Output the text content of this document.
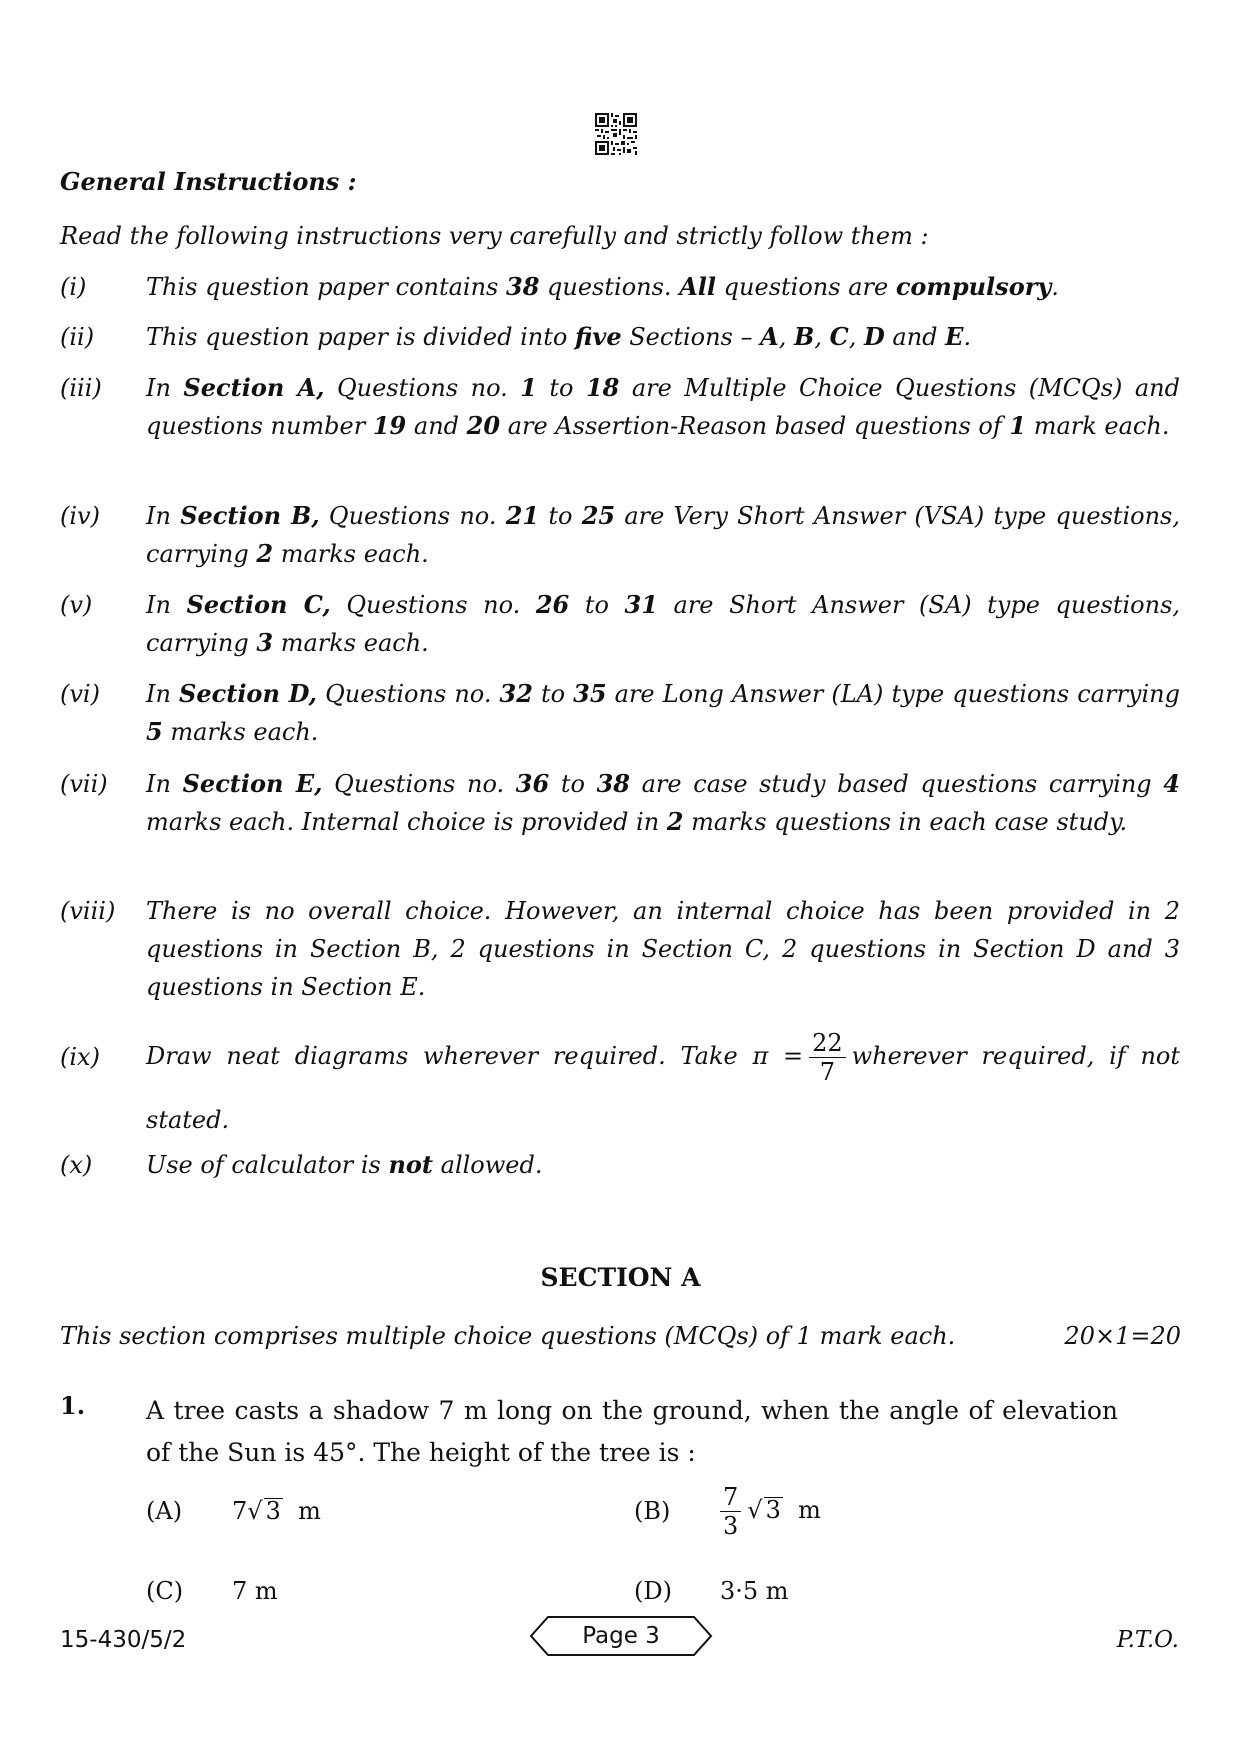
General Instructions :
Read the following instructions very carefully and strictly follow them :
(i)	This question paper contains 38 questions. All questions are compulsory.
(ii)	This question paper is divided into five Sections – A, B, C, D and E.
(iii)	In Section A, Questions no. 1 to 18 are Multiple Choice Questions (MCQs) and questions number 19 and 20 are Assertion-Reason based questions of 1 mark each.
(iv)	In Section B, Questions no. 21 to 25 are Very Short Answer (VSA) type questions, carrying 2 marks each.
(v)	In Section C, Questions no. 26 to 31 are Short Answer (SA) type questions, carrying 3 marks each.
(vi)	In Section D, Questions no. 32 to 35 are Long Answer (LA) type questions carrying 5 marks each.
(vii)	In Section E, Questions no. 36 to 38 are case study based questions carrying 4 marks each. Internal choice is provided in 2 marks questions in each case study.
(viii)	There is no overall choice. However, an internal choice has been provided in 2 questions in Section B, 2 questions in Section C, 2 questions in Section D and 3 questions in Section E.
(ix)	Draw neat diagrams wherever required. Take $\pi = \frac{22}{7}$ wherever required, if not stated.
(x)	Use of calculator is not allowed.
SECTION A
This section comprises multiple choice questions (MCQs) of 1 mark each.	20×1=20
1. A tree casts a shadow 7 m long on the ground, when the angle of elevation of the Sun is 45°. The height of the tree is :
(A)	7√ 3 m	(B)	$\frac{7}{3}$ √ 3 m
(C)	7 m	(D)	3·5 m
15-430/5/2	Page 3	P.T.O.
